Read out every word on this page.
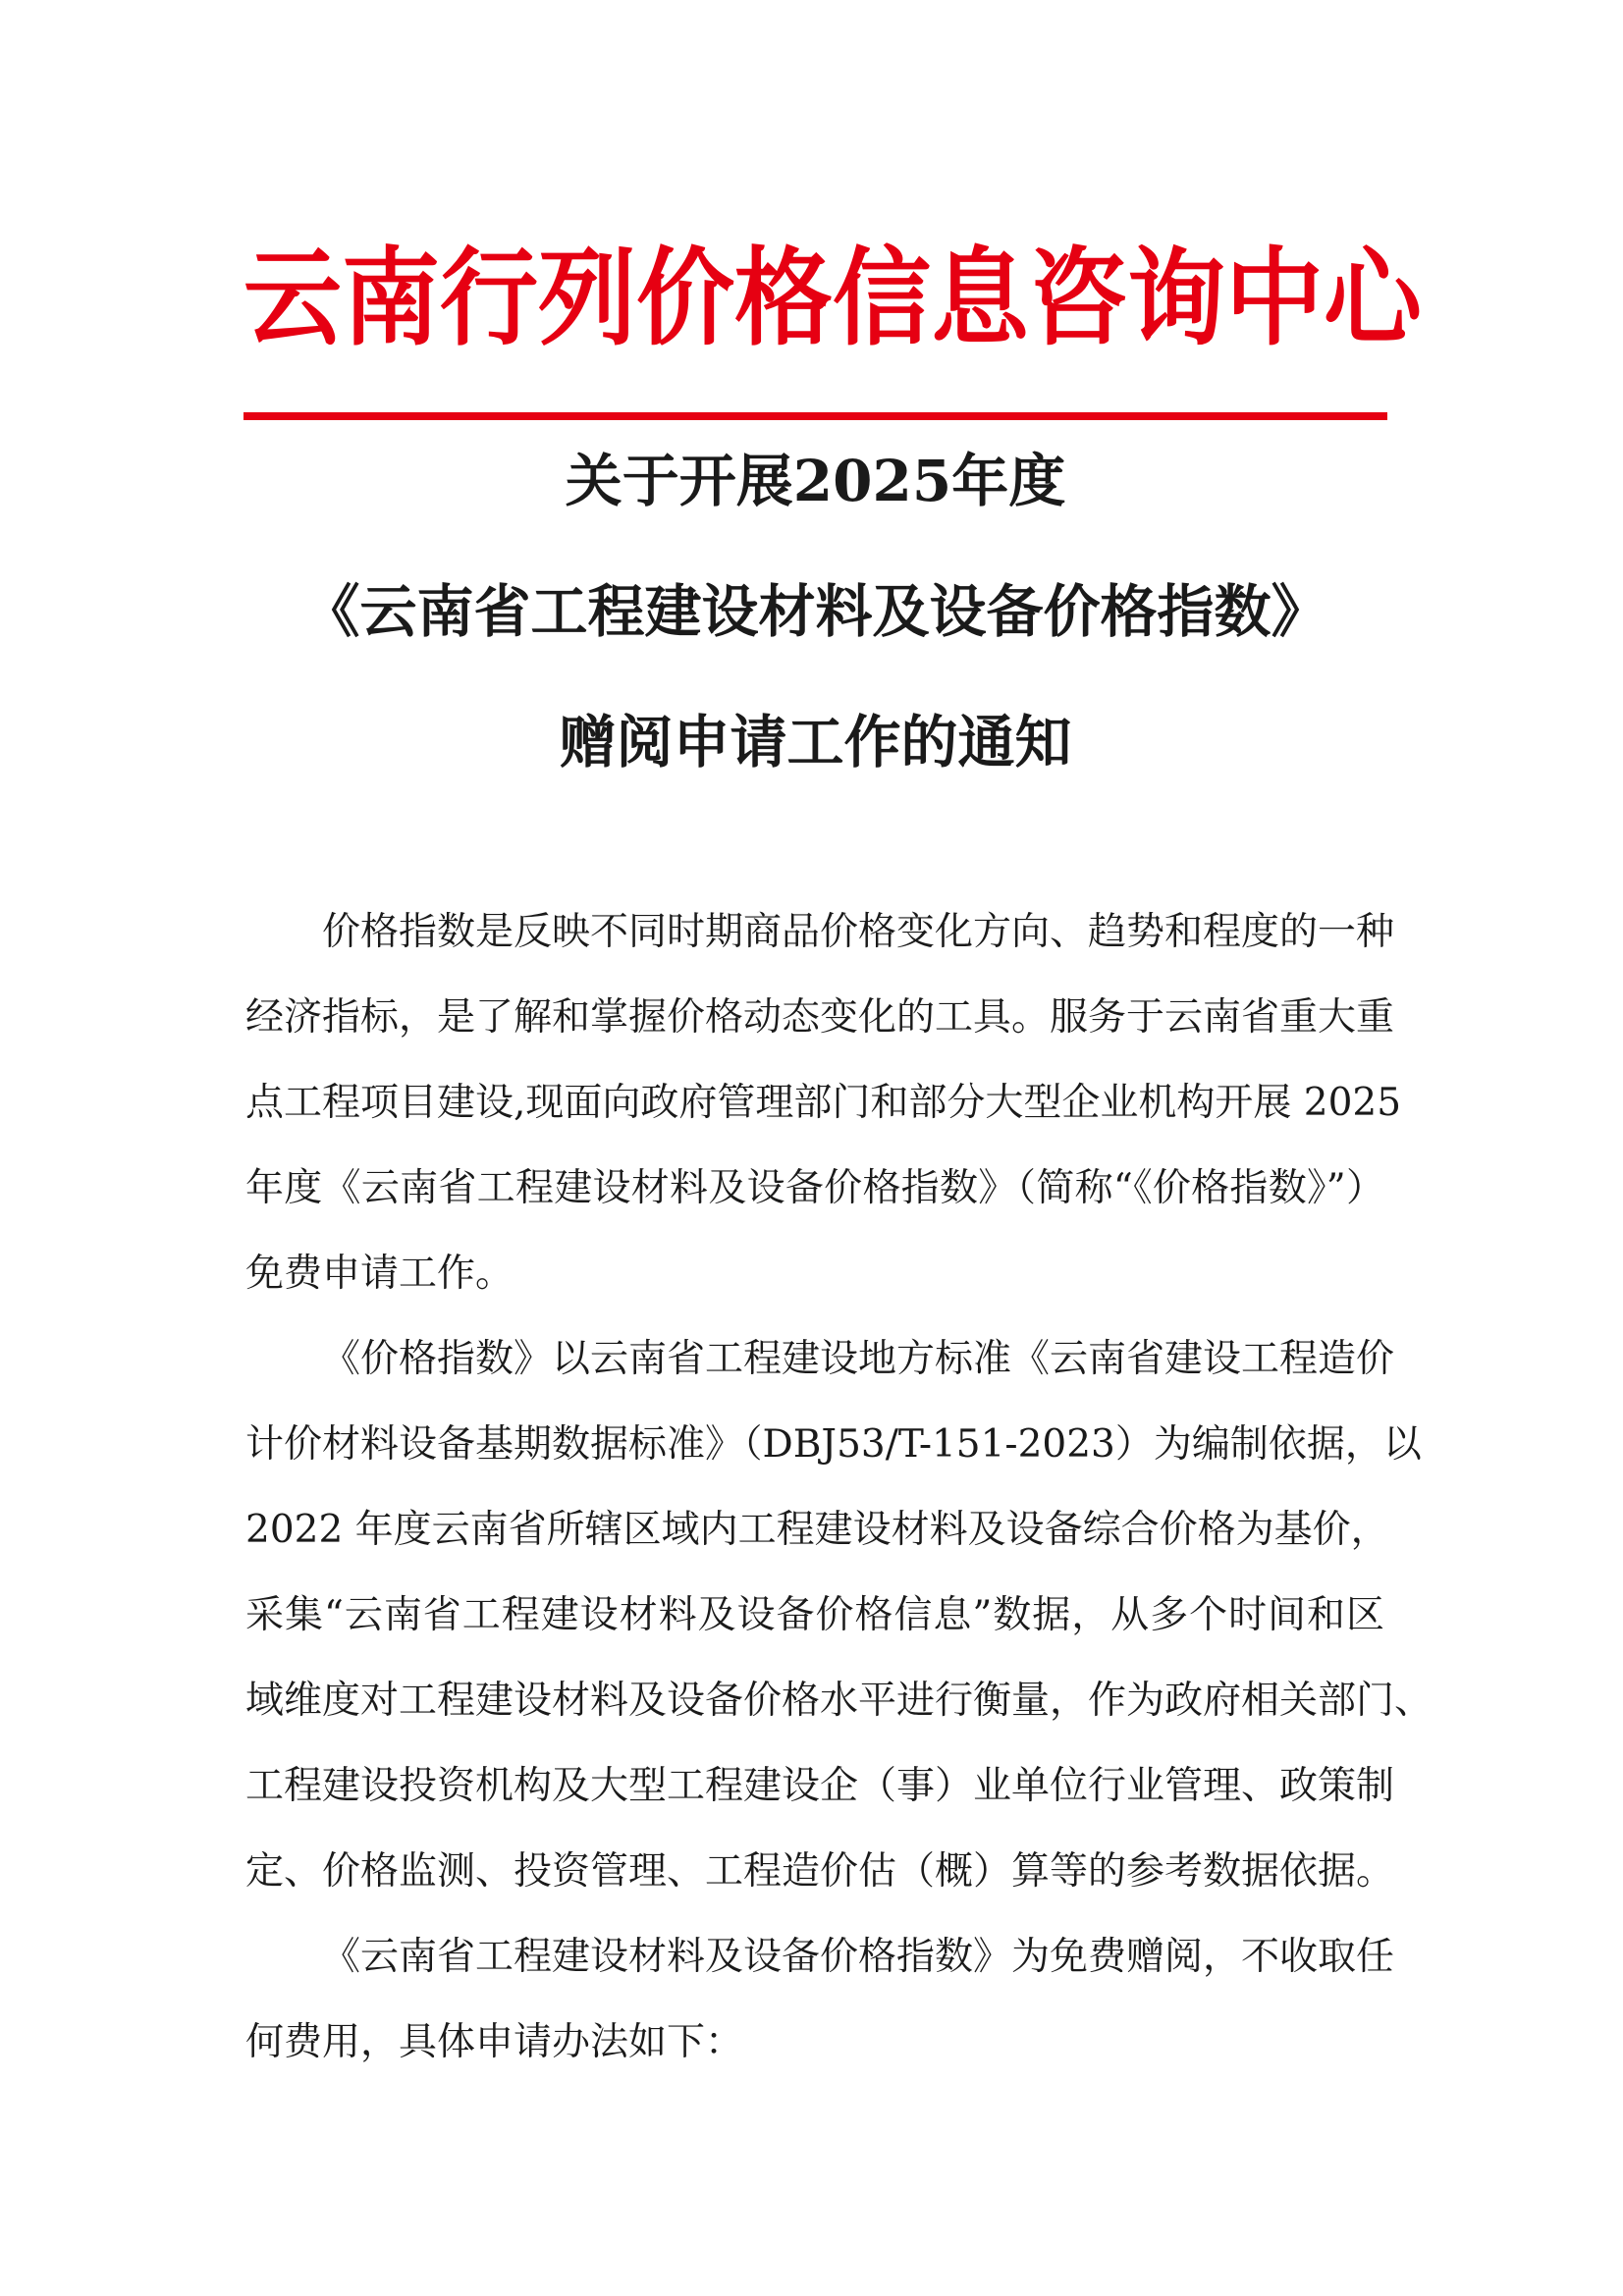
云 南 行 列 价 格 信 息 咨 询 中 心
关于开展2025年度
《云南省工程建设材料及设备价格指数》
赠阅申请工作的通知
价格指数是反映不同时期商品价格变化方向、趋势和程度的一种
经济指标，是了解和掌握价格动态变化的工具。服务于云南省重大重
点工程项目建设,现面向政府管理部门和部分大型企业机构开展 2025
年度《云南省工程建设材料及设备价格指数》（简称“《价格指数》”）
免费申请工作。
《价格指数》以云南省工程建设地方标准《云南省建设工程造价
计价材料设备基期数据标准》（DBJ53/T-151-2023）为编制依据，以
2022 年度云南省所辖区域内工程建设材料及设备综合价格为基价，
采集“云南省工程建设材料及设备价格信息”数据，从多个时间和区
域维度对工程建设材料及设备价格水平进行衡量，作为政府相关部门、
工程建设投资机构及大型工程建设企（事）业单位行业管理、政策制
定、价格监测、投资管理、工程造价估（概）算等的参考数据依据。
《云南省工程建设材料及设备价格指数》为免费赠阅，不收取任
何费用，具体申请办法如下：
